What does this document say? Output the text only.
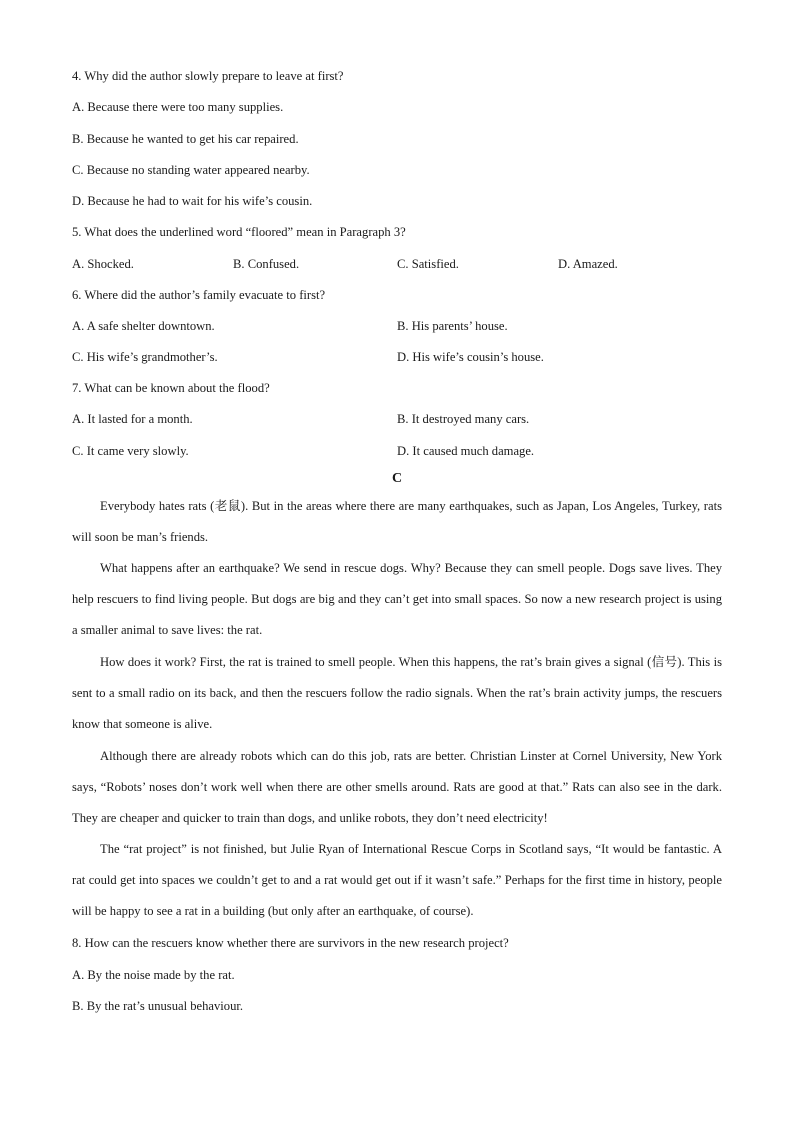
4. Why did the author slowly prepare to leave at first?
A. Because there were too many supplies.
B. Because he wanted to get his car repaired.
C. Because no standing water appeared nearby.
D. Because he had to wait for his wife’s cousin.
5. What does the underlined word “floored” mean in Paragraph 3?
A. Shocked.	B. Confused.	C. Satisfied.	D. Amazed.
6. Where did the author’s family evacuate to first?
A. A safe shelter downtown.	B. His parents’ house.
C. His wife’s grandmother’s.	D. His wife’s cousin’s house.
7. What can be known about the flood?
A. It lasted for a month.	B. It destroyed many cars.
C. It came very slowly.	D. It caused much damage.
C
Everybody hates rats (老鼠). But in the areas where there are many earthquakes, such as Japan, Los Angeles, Turkey, rats will soon be man’s friends.
What happens after an earthquake? We send in rescue dogs. Why? Because they can smell people. Dogs save lives. They help rescuers to find living people. But dogs are big and they can’t get into small spaces. So now a new research project is using a smaller animal to save lives: the rat.
How does it work? First, the rat is trained to smell people. When this happens, the rat’s brain gives a signal (信号). This is sent to a small radio on its back, and then the rescuers follow the radio signals. When the rat’s brain activity jumps, the rescuers know that someone is alive.
Although there are already robots which can do this job, rats are better. Christian Linster at Cornel University, New York says, “Robots’ noses don’t work well when there are other smells around. Rats are good at that.” Rats can also see in the dark. They are cheaper and quicker to train than dogs, and unlike robots, they don’t need electricity!
The “rat project” is not finished, but Julie Ryan of International Rescue Corps in Scotland says, “It would be fantastic. A rat could get into spaces we couldn’t get to and a rat would get out if it wasn’t safe.” Perhaps for the first time in history, people will be happy to see a rat in a building (but only after an earthquake, of course).
8. How can the rescuers know whether there are survivors in the new research project?
A. By the noise made by the rat.
B. By the rat’s unusual behaviour.
